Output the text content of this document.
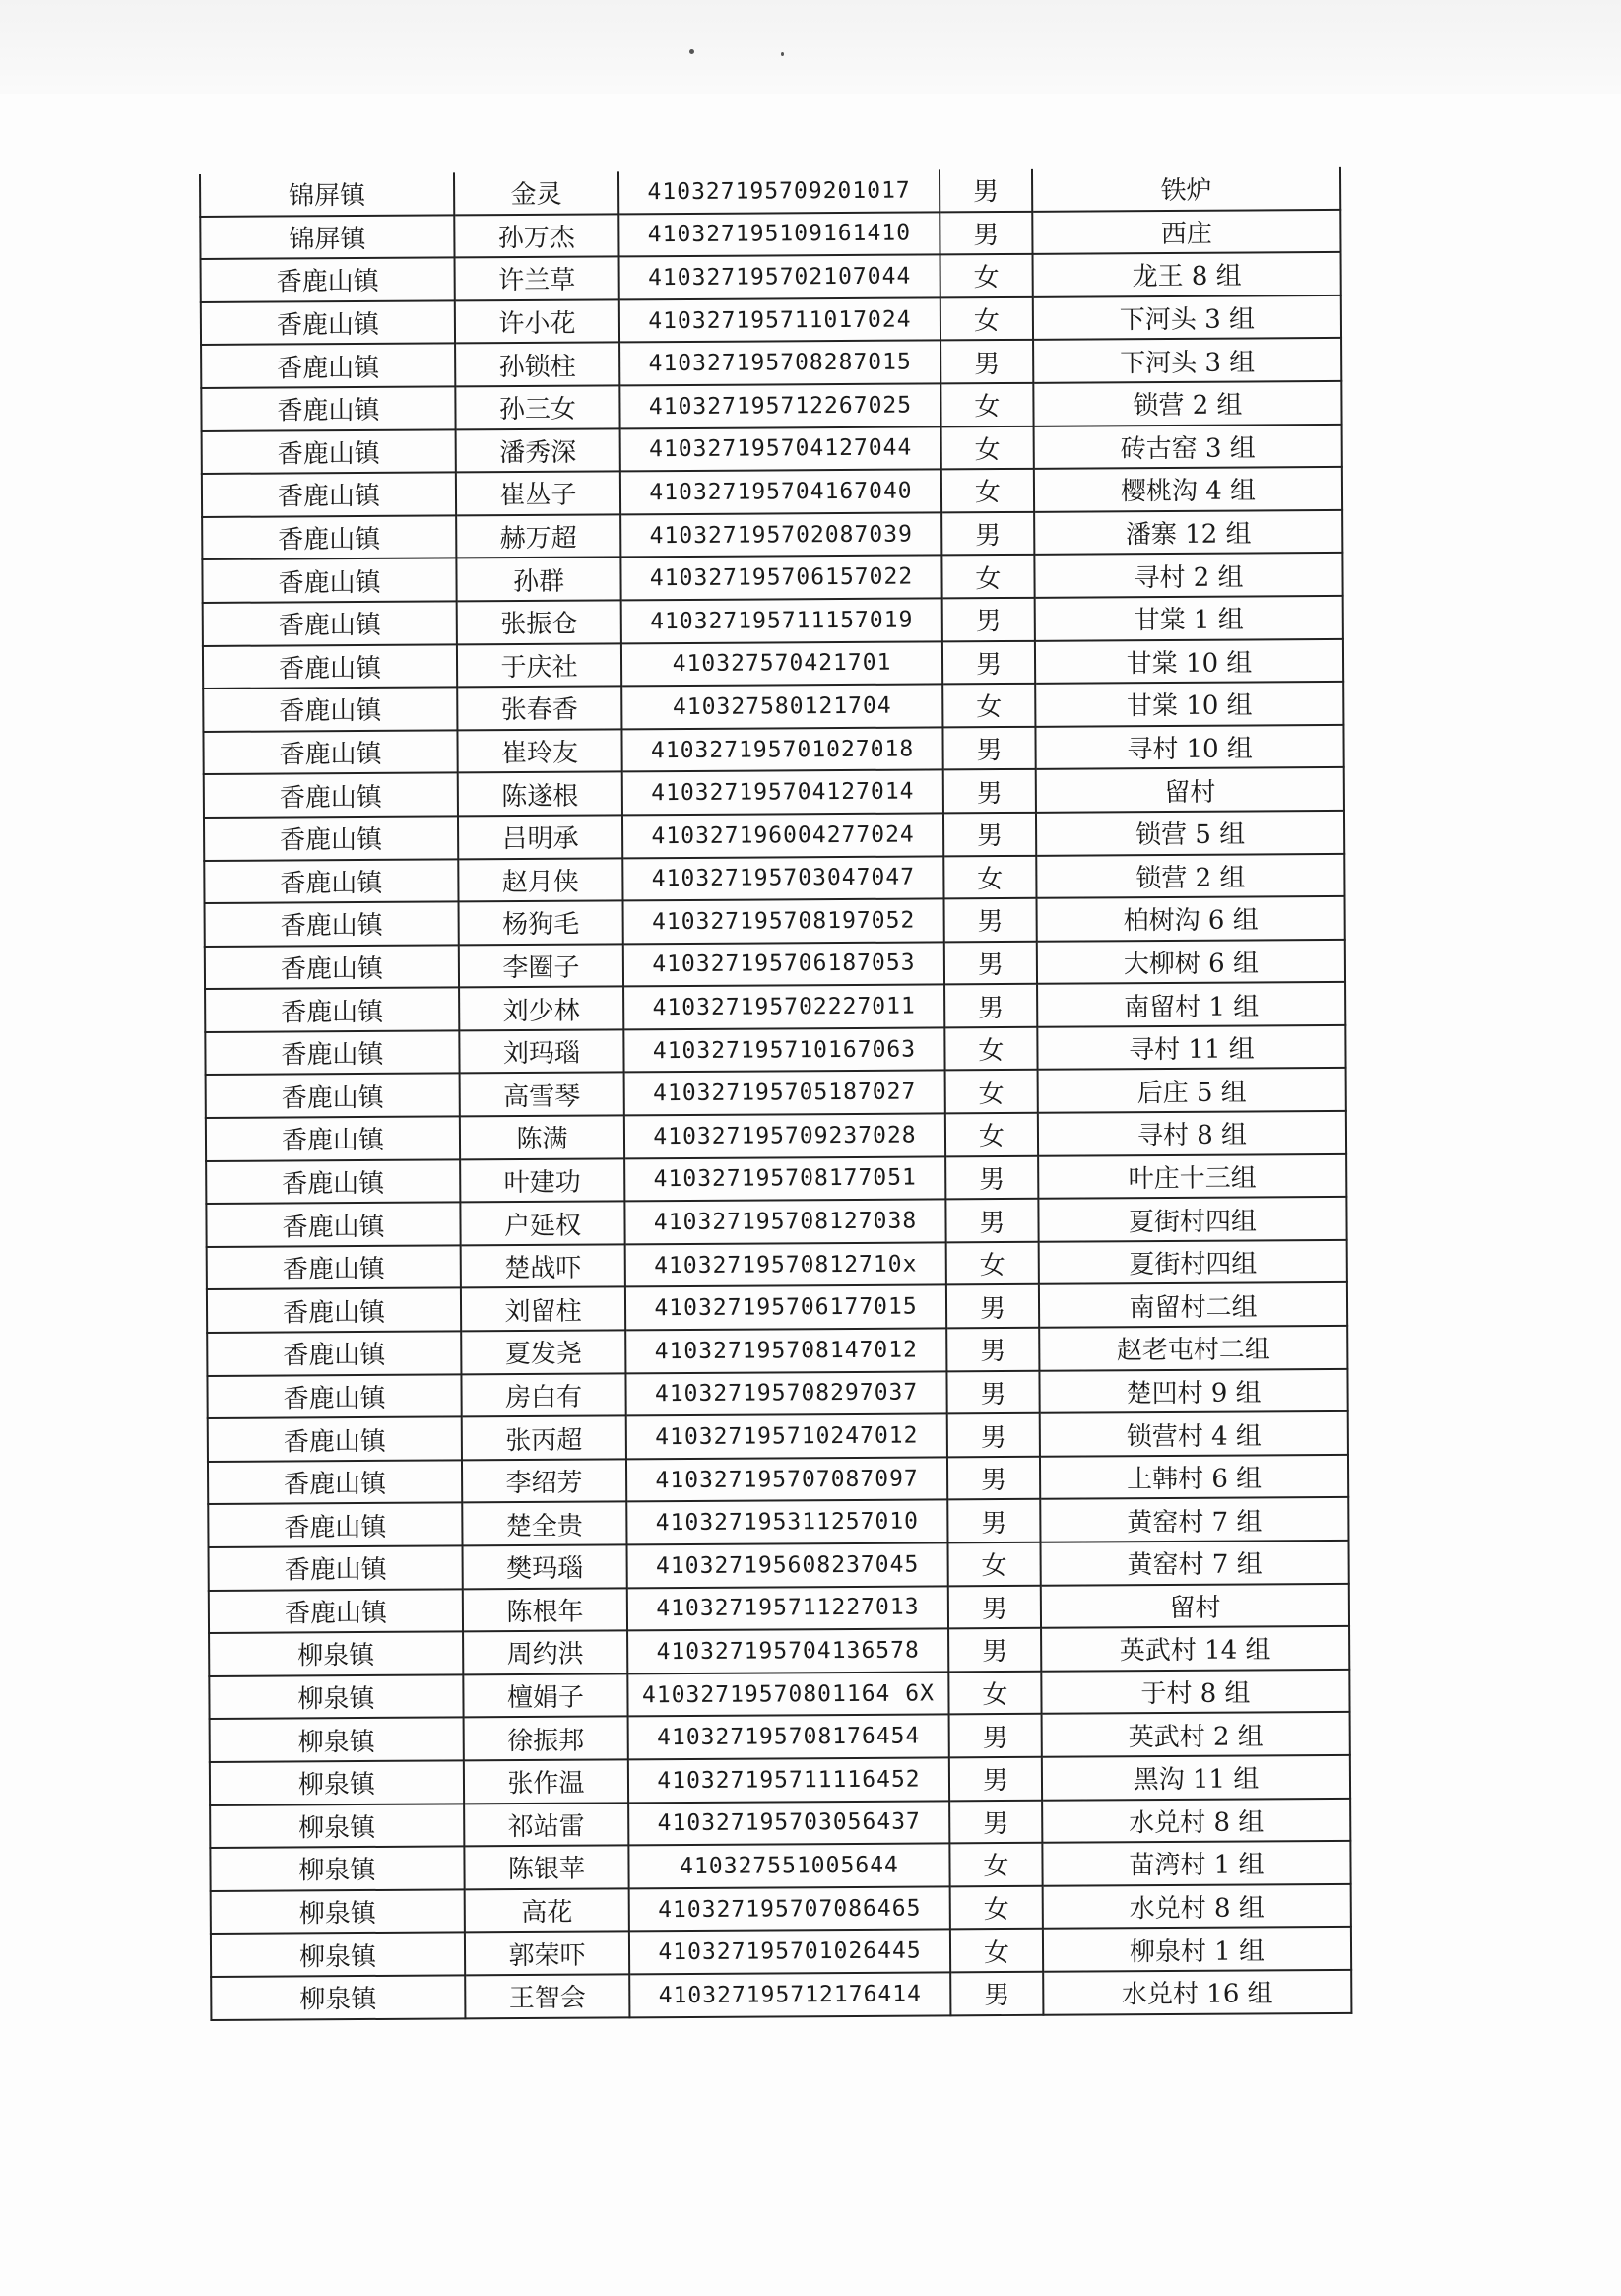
锦屏镇	金灵	410327195709201017	男	铁炉
锦屏镇	孙万杰	410327195109161410	男	西庄
香鹿山镇	许兰草	410327195702107044	女	龙王 8 组
香鹿山镇	许小花	410327195711017024	女	下河头 3 组
香鹿山镇	孙锁柱	410327195708287015	男	下河头 3 组
香鹿山镇	孙三女	410327195712267025	女	锁营 2 组
香鹿山镇	潘秀深	410327195704127044	女	砖古窑 3 组
香鹿山镇	崔丛子	410327195704167040	女	樱桃沟 4 组
香鹿山镇	赫万超	410327195702087039	男	潘寨 12 组
香鹿山镇	孙群	410327195706157022	女	寻村 2 组
香鹿山镇	张振仓	410327195711157019	男	甘棠 1 组
香鹿山镇	于庆社	410327570421701	男	甘棠 10 组
香鹿山镇	张春香	410327580121704	女	甘棠 10 组
香鹿山镇	崔玲友	410327195701027018	男	寻村 10 组
香鹿山镇	陈遂根	410327195704127014	男	留村
香鹿山镇	吕明承	410327196004277024	男	锁营 5 组
香鹿山镇	赵月侠	410327195703047047	女	锁营 2 组
香鹿山镇	杨狗毛	410327195708197052	男	柏树沟 6 组
香鹿山镇	李圈子	410327195706187053	男	大柳树 6 组
香鹿山镇	刘少林	410327195702227011	男	南留村 1 组
香鹿山镇	刘玛瑙	410327195710167063	女	寻村 11 组
香鹿山镇	高雪琴	410327195705187027	女	后庄 5 组
香鹿山镇	陈满	410327195709237028	女	寻村 8 组
香鹿山镇	叶建功	410327195708177051	男	叶庄十三组
香鹿山镇	户延权	410327195708127038	男	夏街村四组
香鹿山镇	楚战吓	41032719570812710x	女	夏街村四组
香鹿山镇	刘留柱	410327195706177015	男	南留村二组
香鹿山镇	夏发尧	410327195708147012	男	赵老屯村二组
香鹿山镇	房白有	410327195708297037	男	楚凹村 9 组
香鹿山镇	张丙超	410327195710247012	男	锁营村 4 组
香鹿山镇	李绍芳	410327195707087097	男	上韩村 6 组
香鹿山镇	楚全贵	410327195311257010	男	黄窑村 7 组
香鹿山镇	樊玛瑙	410327195608237045	女	黄窑村 7 组
香鹿山镇	陈根年	410327195711227013	男	留村
柳泉镇	周约洪	410327195704136578	男	英武村 14 组
柳泉镇	檀娟子	41032719570801164 6X	女	于村 8 组
柳泉镇	徐振邦	410327195708176454	男	英武村 2 组
柳泉镇	张作温	410327195711116452	男	黑沟 11 组
柳泉镇	祁站雷	410327195703056437	男	水兑村 8 组
柳泉镇	陈银苹	410327551005644	女	苗湾村 1 组
柳泉镇	高花	410327195707086465	女	水兑村 8 组
柳泉镇	郭荣吓	410327195701026445	女	柳泉村 1 组
柳泉镇	王智会	410327195712176414	男	水兑村 16 组
